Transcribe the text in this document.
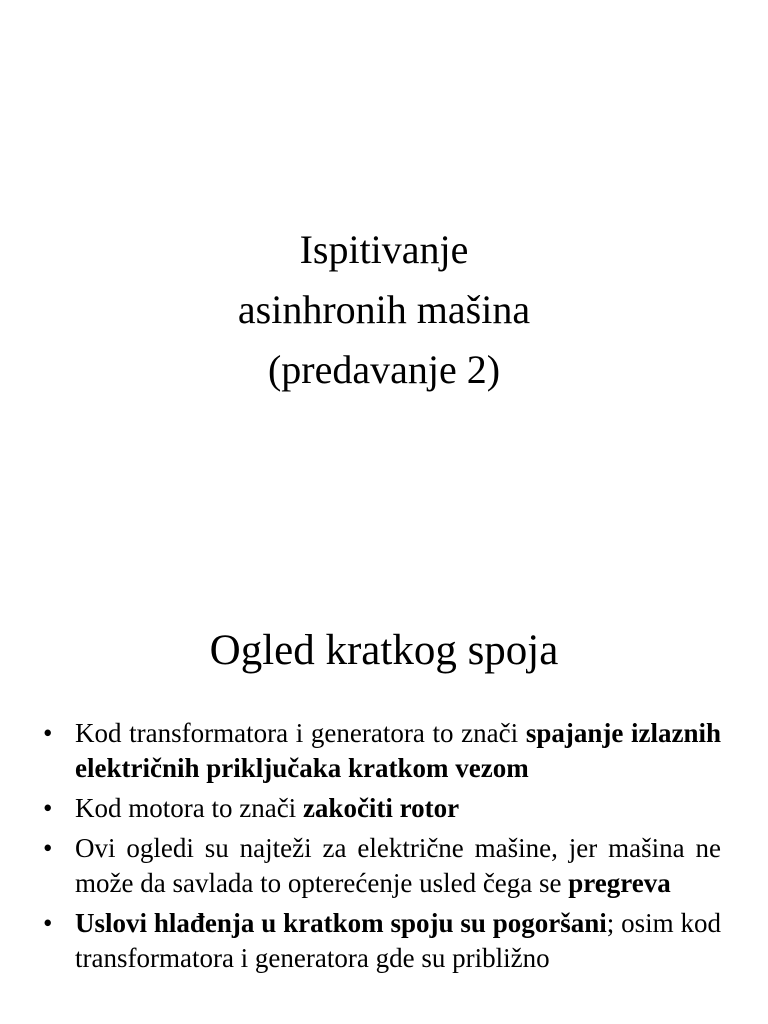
Ispitivanje
asinhronih mašina
(predavanje 2)
Ogled kratkog spoja
• Kod transformatora i generatora to znači spajanje izlaznih električnih priključaka kratkom vezom
• Kod motora to znači zakočiti rotor
• Ovi ogledi su najteži za električne mašine, jer mašina ne može da savlada to opterećenje usled čega se pregreva
• Uslovi hlađenja u kratkom spoju su pogoršani; osim kod transformatora i generatora gde su približno
